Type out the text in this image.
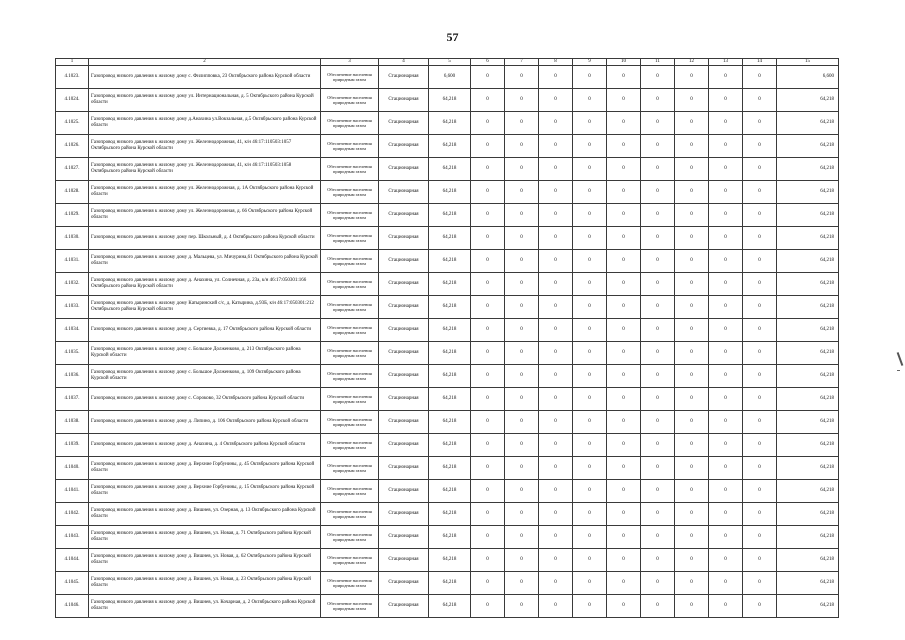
57
1	2	3	4	5	6	7	8	9	10	11	12	13	14	15
4.1023.	Газопровод низкого давления к жилому дому с. Филипповка, 23 Октябрьского района Курской области	Обеспечение населения природным газом	Стационарная	6,600	0	0	0	0	0	0	0	0	0	6,600
4.1024.	Газопровод низкого давления к жилому дому ул. Интернациональная, д. 5 Октябрьского района Курской области	Обеспечение населения природным газом	Стационарная	64,218	0	0	0	0	0	0	0	0	0	64,218
4.1025.	Газопровод низкого давления к жилому дому д.Анахина ул.Вокзальная, д.5 Октябрьского района Курской области	Обеспечение населения природным газом	Стационарная	64,218	0	0	0	0	0	0	0	0	0	64,218
4.1026.	Газопровод низкого давления к жилому дому ул. Железнодорожная, 41, к/н 46:17:110503:1057 Октябрьского района Курской области	Обеспечение населения природным газом	Стационарная	64,218	0	0	0	0	0	0	0	0	0	64,218
4.1027.	Газопровод низкого давления к жилому дому ул. Железнодорожная, 41, к/н 46:17:110503:1058 Октябрьского района Курской области	Обеспечение населения природным газом	Стационарная	64,218	0	0	0	0	0	0	0	0	0	64,218
4.1028.	Газопровод низкого давления к жилому дому ул. Железнодорожная, д. 1А Октябрьского района Курской области	Обеспечение населения природным газом	Стационарная	64,218	0	0	0	0	0	0	0	0	0	64,218
4.1029.	Газопровод низкого давления к жилому дому ул. Железнодорожная, д. 66 Октябрьского района Курской области	Обеспечение населения природным газом	Стационарная	64,218	0	0	0	0	0	0	0	0	0	64,218
4.1030.	Газопровод низкого давления к жилому дому пер. Школьный, д. 4 Октябрьского района Курской области	Обеспечение населения природным газом	Стационарная	64,218	0	0	0	0	0	0	0	0	0	64,218
4.1031.	Газопровод низкого давления к жилому дому д. Мальцева, ул. Мичурина,61 Октябрьского района Курской области	Обеспечение населения природным газом	Стационарная	64,218	0	0	0	0	0	0	0	0	0	64,218
4.1032.	Газопровод низкого давления к жилому дому д. Анахина, ул. Солнечная, д. 23а, к/н 46:17:050301:166 Октябрьского района Курской области	Обеспечение населения природным газом	Стационарная	64,218	0	0	0	0	0	0	0	0	0	64,218
4.1033.	Газопровод низкого давления к жилому дому Катыринский с/с, д. Катырина, д.93Б, к/н 46:17:050301:212 Октябрьского района Курской области	Обеспечение населения природным газом	Стационарная	64,218	0	0	0	0	0	0	0	0	0	64,218
4.1034.	Газопровод низкого давления к жилому дому д. Сергиевка, д. 17 Октябрьского района Курской области	Обеспечение населения природным газом	Стационарная	64,218	0	0	0	0	0	0	0	0	0	64,218
4.1035.	Газопровод низкого давления к жилому дому с. Большое Долженково, д. 213 Октябрьского района Курской области	Обеспечение населения природным газом	Стационарная	64,218	0	0	0	0	0	0	0	0	0	64,218
4.1036.	Газопровод низкого давления к жилому дому с. Большое Долженково, д. 109 Октябрьского района Курской области	Обеспечение населения природным газом	Стационарная	64,218	0	0	0	0	0	0	0	0	0	64,218
4.1037.	Газопровод низкого давления к жилому дому с. Сороково, 32 Октябрьского района Курской области	Обеспечение населения природным газом	Стационарная	64,218	0	0	0	0	0	0	0	0	0	64,218
4.1038.	Газопровод низкого давления к жилому дому д. Липино, д. 106 Октябрьского района Курской области	Обеспечение населения природным газом	Стационарная	64,218	0	0	0	0	0	0	0	0	0	64,218
4.1039.	Газопровод низкого давления к жилому дому д. Анахина, д. 4 Октябрьского района Курской области	Обеспечение населения природным газом	Стационарная	64,218	0	0	0	0	0	0	0	0	0	64,218
4.1040.	Газопровод низкого давления к жилому дому д. Верхние Горбунины, д. 45 Октябрьского района Курской области	Обеспечение населения природным газом	Стационарная	64,218	0	0	0	0	0	0	0	0	0	64,218
4.1041.	Газопровод низкого давления к жилому дому д. Верхние Горбунины, д. 15 Октябрьского района Курской области	Обеспечение населения природным газом	Стационарная	64,218	0	0	0	0	0	0	0	0	0	64,218
4.1042.	Газопровод низкого давления к жилому дому д. Вишнев, ул. Озерная, д. 13 Октябрьского района Курской области	Обеспечение населения природным газом	Стационарная	64,218	0	0	0	0	0	0	0	0	0	64,218
4.1043.	Газопровод низкого давления к жилому дому д. Вишнев, ул. Новая, д. 71 Октябрьского района Курской области	Обеспечение населения природным газом	Стационарная	64,218	0	0	0	0	0	0	0	0	0	64,218
4.1044.	Газопровод низкого давления к жилому дому д. Вишнев, ул. Новая, д. 62 Октябрьского района Курской области	Обеспечение населения природным газом	Стационарная	64,218	0	0	0	0	0	0	0	0	0	64,218
4.1045.	Газопровод низкого давления к жилому дому д. Вишнев, ул. Новая, д. 23 Октябрьского района Курской области	Обеспечение населения природным газом	Стационарная	64,218	0	0	0	0	0	0	0	0	0	64,218
4.1046.	Газопровод низкого давления к жилому дому д. Вишнев, ул. Кочарная, д. 2 Октябрьского района Курской области	Обеспечение населения природным газом	Стационарная	64,218	0	0	0	0	0	0	0	0	0	64,218
